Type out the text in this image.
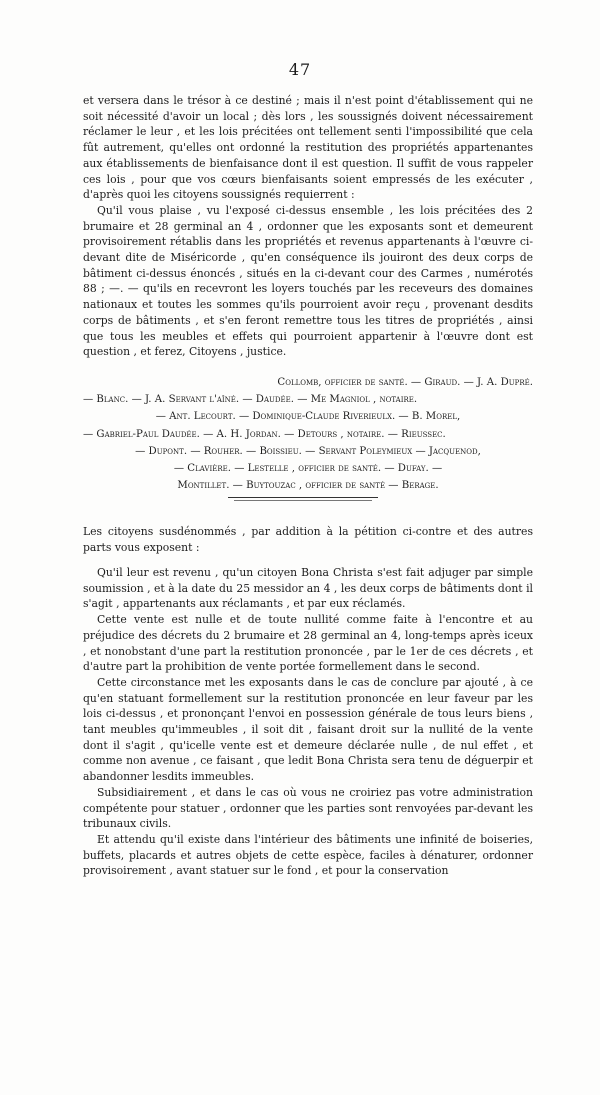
47

et versera dans le trésor à ce destiné ; mais il n'est point d'établissement qui ne soit nécessité d'avoir un local ; dès lors , les soussignés doivent nécessairement réclamer le leur , et les lois précitées ont tellement senti l'impossibilité que cela fût autrement, qu'elles ont ordonné la restitution des propriétés appartenantes aux établissements de bienfaisance dont il est question. Il suffit de vous rappeler ces lois , pour que vos cœurs bienfaisants soient empressés de les exécuter , d'après quoi les citoyens soussignés requierrent :

Qu'il vous plaise , vu l'exposé ci-dessus ensemble , les lois précitées des 2 brumaire et 28 germinal an 4 , ordonner que les exposants sont et demeurent provisoirement rétablis dans les propriétés et revenus appartenants à l'œuvre ci-devant dite de Miséricorde , qu'en conséquence ils jouiront des deux corps de bâtiment ci-dessus énoncés , situés en la ci-devant cour des Carmes , numérotés 88 ; —. — qu'ils en recevront les loyers touchés par les receveurs des domaines nationaux et toutes les sommes qu'ils pourroient avoir reçu , provenant desdits corps de bâtiments , et s'en feront remettre tous les titres de propriétés , ainsi que tous les meubles et effets qui pourroient appartenir à l'œuvre dont est question , et ferez, Citoyens , justice.

Collomb, officier de santé. — Giraud. — J. A. Dupré.
— Blanc. — J. A. Servant l'aîné. — Daudée. — Me Magniol , notaire.
— Ant. Lecourt. — Dominique-Claude Riverieulx. — B. Morel,
— Gabriel-Paul Daudée. — A. H. Jordan. — Detours , notaire. — Rieussec.
— Dupont. — Rouher. — Boissieu. — Servant Poleymieux — Jacquenod,
— Clavière. — Lestelle , officier de santé. — Dufay. —
Montillet. — Buytouzac , officier de santé — Berage.

Les citoyens susdénommés , par addition à la pétition ci-contre et des autres parts vous exposent :

Qu'il leur est revenu , qu'un citoyen Bona Christa s'est fait adjuger par simple soumission , et à la date du 25 messidor an 4 , les deux corps de bâtiments dont il s'agit , appartenants aux réclamants , et par eux réclamés.

Cette vente est nulle et de toute nullité comme faite à l'encontre et au préjudice des décrets du 2 brumaire et 28 germinal an 4, long-temps après iceux , et nonobstant d'une part la restitution prononcée , par le 1er de ces décrets , et d'autre part la prohibition de vente portée formellement dans le second.

Cette circonstance met les exposants dans le cas de conclure par ajouté , à ce qu'en statuant formellement sur la restitution prononcée en leur faveur par les lois ci-dessus , et prononçant l'envoi en possession générale de tous leurs biens , tant meubles qu'immeubles , il soit dit , faisant droit sur la nullité de la vente dont il s'agit , qu'icelle vente est et demeure déclarée nulle , de nul effet , et comme non avenue , ce faisant , que ledit Bona Christa sera tenu de déguerpir et abandonner lesdits immeubles.

Subsidiairement , et dans le cas où vous ne croiriez pas votre administration compétente pour statuer , ordonner que les parties sont renvoyées par-devant les tribunaux civils.

Et attendu qu'il existe dans l'intérieur des bâtiments une infinité de boiseries, buffets, placards et autres objets de cette espèce, faciles à dénaturer, ordonner provisoirement , avant statuer sur le fond , et pour la conservation
